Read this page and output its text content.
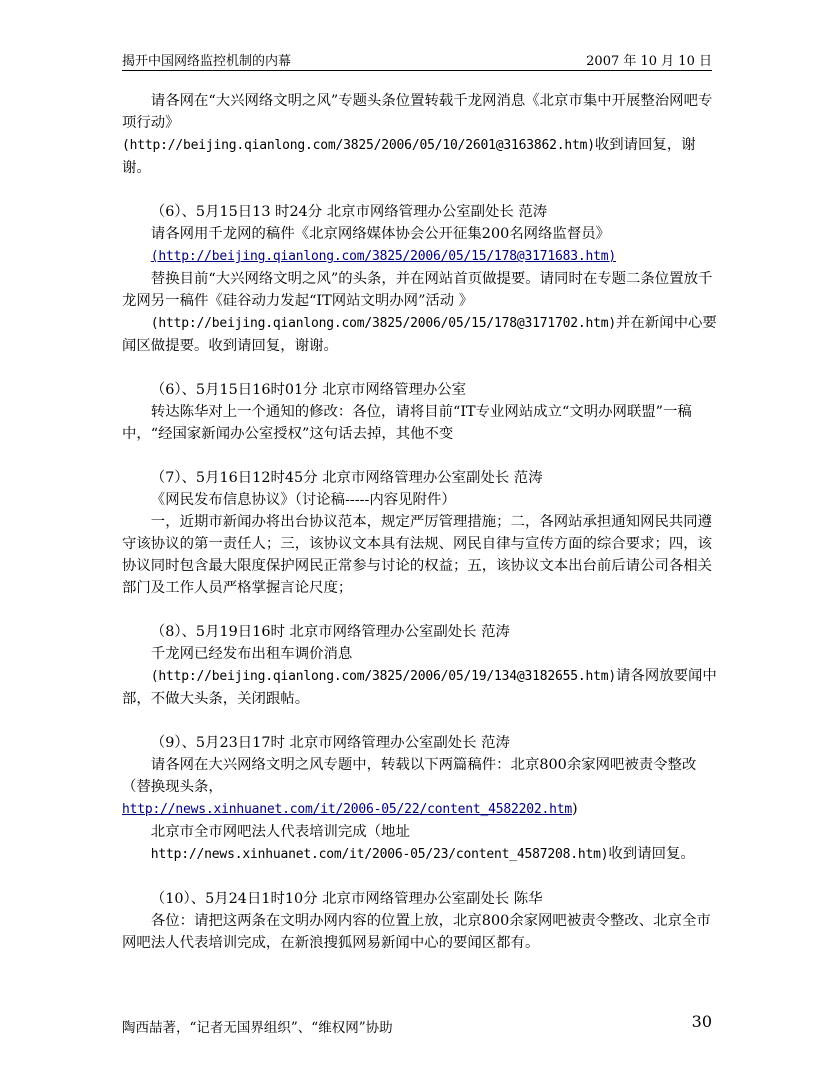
揭开中国网络监控机制的内幕	2007 年 10 月 10 日

请各网在“大兴网络文明之风”专题头条位置转载千龙网消息《北京市集中开展整治网吧专项行动》

(http://beijing.qianlong.com/3825/2006/05/10/2601@3163862.htm)收到请回复，谢谢。

（6）、5月15日13 时24分 北京市网络管理办公室副处长 范涛

请各网用千龙网的稿件《北京网络媒体协会公开征集200名网络监督员》

(http://beijing.qianlong.com/3825/2006/05/15/178@3171683.htm)

替换目前“大兴网络文明之风”的头条，并在网站首页做提要。请同时在专题二条位置放千龙网另一稿件《硅谷动力发起“IT网站文明办网”活动 》

(http://beijing.qianlong.com/3825/2006/05/15/178@3171702.htm)并在新闻中心要闻区做提要。收到请回复，谢谢。

（6）、5月15日16时01分 北京市网络管理办公室

转达陈华对上一个通知的修改：各位，请将目前“IT专业网站成立“文明办网联盟”一稿中，“经国家新闻办公室授权”这句话去掉，其他不变

（7）、5月16日12时45分 北京市网络管理办公室副处长 范涛

《网民发布信息协议》（讨论稿-----内容见附件）

一，近期市新闻办将出台协议范本，规定严厉管理措施；二，各网站承担通知网民共同遵守该协议的第一责任人；三，该协议文本具有法规、网民自律与宣传方面的综合要求；四，该协议同时包含最大限度保护网民正常参与讨论的权益；五，该协议文本出台前后请公司各相关部门及工作人员严格掌握言论尺度；

（8）、5月19日16时 北京市网络管理办公室副处长 范涛

千龙网已经发布出租车调价消息

(http://beijing.qianlong.com/3825/2006/05/19/134@3182655.htm)请各网放要闻中部，不做大头条，关闭跟帖。

（9）、5月23日17时 北京市网络管理办公室副处长 范涛

请各网在大兴网络文明之风专题中，转载以下两篇稿件：北京800余家网吧被责令整改 （替换现头条，

http://news.xinhuanet.com/it/2006-05/22/content_4582202.htm)

北京市全市网吧法人代表培训完成（地址

http://news.xinhuanet.com/it/2006-05/23/content_4587208.htm)收到请回复。

（10）、5月24日1时10分 北京市网络管理办公室副处长 陈华

各位：请把这两条在文明办网内容的位置上放，北京800余家网吧被责令整改、北京全市网吧法人代表培训完成，在新浪搜狐网易新闻中心的要闻区都有。

陶西喆著，“记者无国界组织”、“维权网”协助	30
